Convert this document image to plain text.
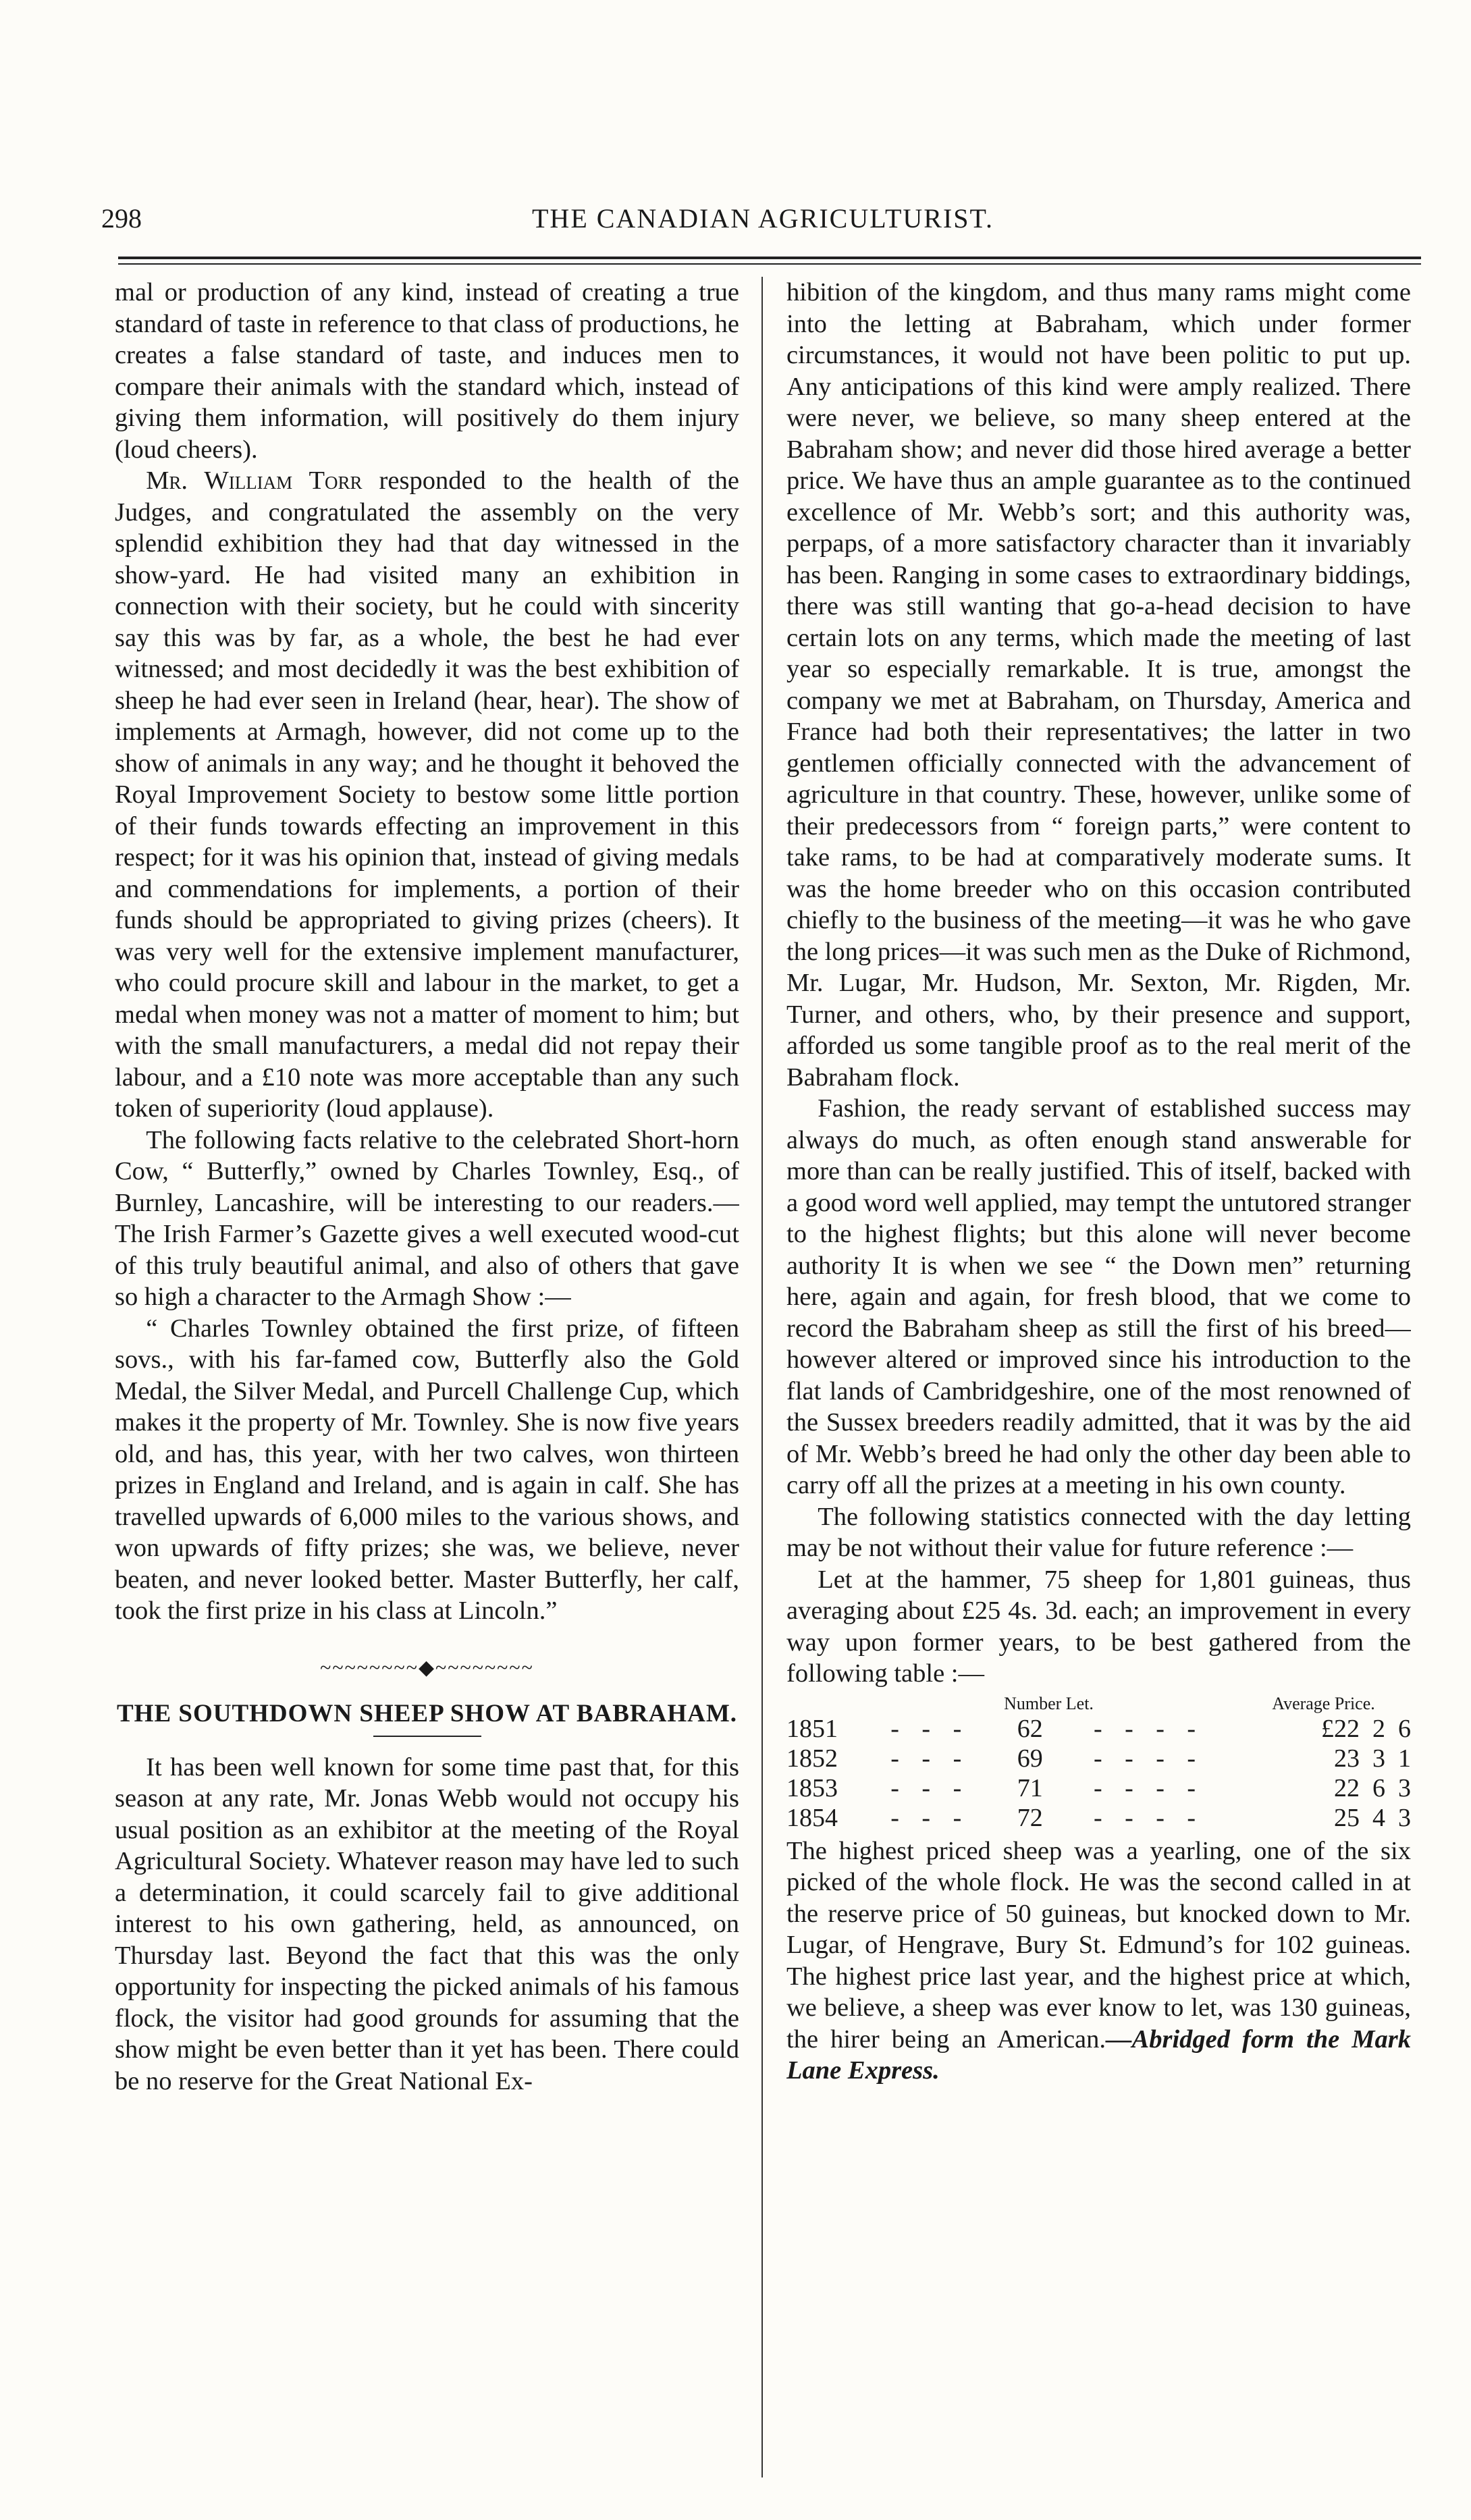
298	THE CANADIAN AGRICULTURIST.

mal or production of any kind, instead of creating a true standard of taste in reference to that class of productions, he creates a false standard of taste, and induces men to compare their animals with the standard which, instead of giving them information, will positively do them injury (loud cheers).

Mr. William Torr responded to the health of the Judges, and congratulated the assembly on the very splendid exhibition they had that day witnessed in the show-yard. He had visited many an exhibition in connection with their society, but he could with sincerity say this was by far, as a whole, the best he had ever witnessed; and most decidedly it was the best exhibition of sheep he had ever seen in Ireland (hear, hear). The show of implements at Armagh, however, did not come up to the show of animals in any way; and he thought it behoved the Royal Improvement Society to bestow some little portion of their funds towards effecting an improvement in this respect; for it was his opinion that, instead of giving medals and commendations for implements, a portion of their funds should be appropriated to giving prizes (cheers). It was very well for the extensive implement manufacturer, who could procure skill and labour in the market, to get a medal when money was not a matter of moment to him; but with the small manufacturers, a medal did not repay their labour, and a £10 note was more acceptable than any such token of superiority (loud applause).

The following facts relative to the celebrated Short-horn Cow, “ Butterfly,” owned by Charles Townley, Esq., of Burnley, Lancashire, will be interesting to our readers.—The Irish Farmer’s Gazette gives a well executed wood-cut of this truly beautiful animal, and also of others that gave so high a character to the Armagh Show :—

“ Charles Townley obtained the first prize, of fifteen sovs., with his far-famed cow, Butterfly also the Gold Medal, the Silver Medal, and Purcell Challenge Cup, which makes it the property of Mr. Townley. She is now five years old, and has, this year, with her two calves, won thirteen prizes in England and Ireland, and is again in calf. She has travelled upwards of 6,000 miles to the various shows, and won upwards of fifty prizes; she was, we believe, never beaten, and never looked better. Master Butterfly, her calf, took the first prize in his class at Lincoln.”

~~~~~~~~◆~~~~~~~~
THE SOUTHDOWN SHEEP SHOW AT BABRAHAM.

It has been well known for some time past that, for this season at any rate, Mr. Jonas Webb would not occupy his usual position as an exhibitor at the meeting of the Royal Agricultural Society. Whatever reason may have led to such a determination, it could scarcely fail to give additional interest to his own gathering, held, as announced, on Thursday last. Beyond the fact that this was the only opportunity for inspecting the picked animals of his famous flock, the visitor had good grounds for assuming that the show might be even better than it yet has been. There could be no reserve for the Great National Ex-

hibition of the kingdom, and thus many rams might come into the letting at Babraham, which under former circumstances, it would not have been politic to put up. Any anticipations of this kind were amply realized. There were never, we believe, so many sheep entered at the Babraham show; and never did those hired average a better price. We have thus an ample guarantee as to the continued excellence of Mr. Webb’s sort; and this authority was, perpaps, of a more satisfactory character than it invariably has been. Ranging in some cases to extraordinary biddings, there was still wanting that go-a-head decision to have certain lots on any terms, which made the meeting of last year so especially remarkable. It is true, amongst the company we met at Babraham, on Thursday, America and France had both their representatives; the latter in two gentlemen officially connected with the advancement of agriculture in that country. These, however, unlike some of their predecessors from “ foreign parts,” were content to take rams, to be had at comparatively moderate sums. It was the home breeder who on this occasion contributed chiefly to the business of the meeting—it was he who gave the long prices—it was such men as the Duke of Richmond, Mr. Lugar, Mr. Hudson, Mr. Sexton, Mr. Rigden, Mr. Turner, and others, who, by their presence and support, afforded us some tangible proof as to the real merit of the Babraham flock.

Fashion, the ready servant of established success may always do much, as often enough stand answerable for more than can be really justified. This of itself, backed with a good word well applied, may tempt the untutored stranger to the highest flights; but this alone will never become authority It is when we see “ the Down men” returning here, again and again, for fresh blood, that we come to record the Babraham sheep as still the first of his breed—however altered or improved since his introduction to the flat lands of Cambridgeshire, one of the most renowned of the Sussex breeders readily admitted, that it was by the aid of Mr. Webb’s breed he had only the other day been able to carry off all the prizes at a meeting in his own county.

The following statistics connected with the day letting may be not without their value for future reference :—

Let at the hammer, 75 sheep for 1,801 guineas, thus averaging about £25 4s. 3d. each; an improvement in every way upon former years, to be best gathered from the following table :—

	Number Let.			Average Price.
1851	- - -	62	- - - -	£22  2  6
1852	- - -	69	- - - -	23  3  1
1853	- - -	71	- - - -	22  6  3
1854	- - -	72	- - - -	25  4  3

The highest priced sheep was a yearling, one of the six picked of the whole flock. He was the second called in at the reserve price of 50 guineas, but knocked down to Mr. Lugar, of Hengrave, Bury St. Edmund’s for 102 guineas. The highest price last year, and the highest price at which, we believe, a sheep was ever know to let, was 130 guineas, the hirer being an American.—Abridged form the Mark Lane Express.
